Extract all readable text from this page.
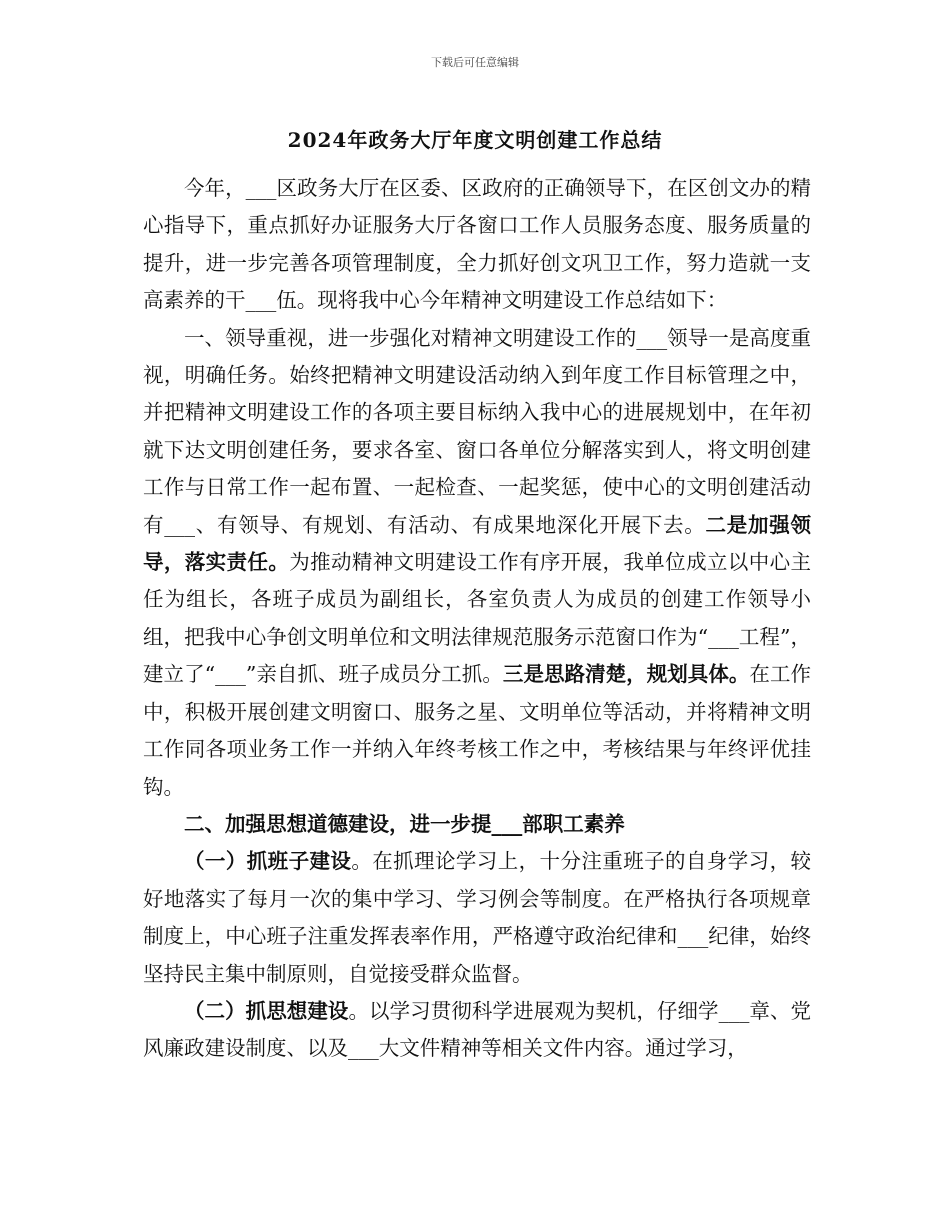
下载后可任意编辑
2024年政务大厅年度文明创建工作总结

今年，___区政务大厅在区委、区政府的正确领导下，在区创文办的精心指导下，重点抓好办证服务大厅各窗口工作人员服务态度、服务质量的提升，进一步完善各项管理制度，全力抓好创文巩卫工作，努力造就一支高素养的干___伍。现将我中心今年精神文明建设工作总结如下：

一、领导重视，进一步强化对精神文明建设工作的___领导一是高度重视，明确任务。始终把精神文明建设活动纳入到年度工作目标管理之中，并把精神文明建设工作的各项主要目标纳入我中心的进展规划中，在年初就下达文明创建任务，要求各室、窗口各单位分解落实到人，将文明创建工作与日常工作一起布置、一起检查、一起奖惩，使中心的文明创建活动有___、有领导、有规划、有活动、有成果地深化开展下去。二是加强领导，落实责任。为推动精神文明建设工作有序开展，我单位成立以中心主任为组长，各班子成员为副组长，各室负责人为成员的创建工作领导小组，把我中心争创文明单位和文明法律规范服务示范窗口作为“___工程”，建立了“___”亲自抓、班子成员分工抓。三是思路清楚，规划具体。在工作中，积极开展创建文明窗口、服务之星、文明单位等活动，并将精神文明工作同各项业务工作一并纳入年终考核工作之中，考核结果与年终评优挂钩。

二、加强思想道德建设，进一步提___部职工素养

（一）抓班子建设。在抓理论学习上，十分注重班子的自身学习，较好地落实了每月一次的集中学习、学习例会等制度。在严格执行各项规章制度上，中心班子注重发挥表率作用，严格遵守政治纪律和___纪律，始终坚持民主集中制原则，自觉接受群众监督。

（二）抓思想建设。以学习贯彻科学进展观为契机，仔细学___章、党风廉政建设制度、以及___大文件精神等相关文件内容。通过学习，
